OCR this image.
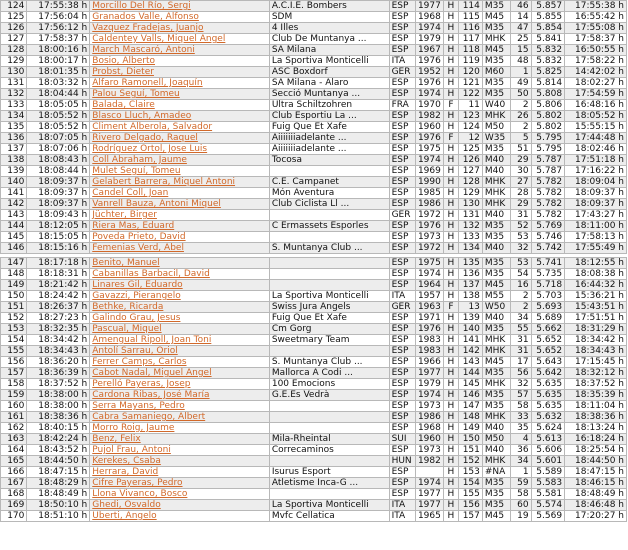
124	17:55:38 h	Morcillo Del Río, Sergi	A.C.I.E. Bombers	ESP	1977	H	114	M35	46	5.857	17:55:38 h
125	17:56:04 h	Granados Valle, Alfonso	SDM	ESP	1968	H	115	M45	14	5.855	16:55:42 h
126	17:56:12 h	Vazquez Fradejas, Juanjo	4 Illes	ESP	1974	H	116	M35	47	5.854	17:55:08 h
127	17:58:37 h	Caldentey Valls, Miquel Angel	Club De Muntanya ...	ESP	1979	H	117	MHK	25	5.841	17:58:37 h
128	18:00:16 h	March Mascaró, Antoni	SA Milana	ESP	1967	H	118	M45	15	5.832	16:50:55 h
129	18:00:17 h	Bosio, Alberto	La Sportiva Monticelli	ITA	1976	H	119	M35	48	5.832	17:58:22 h
130	18:01:35 h	Probst, Dieter	ASC Boxdorf	GER	1952	H	120	M60	1	5.825	14:42:02 h
131	18:03:32 h	Alfaro Ramonell, Joaquín	SA Milana - Alaro	ESP	1976	H	121	M35	49	5.814	18:02:27 h
132	18:04:44 h	Palou Seguí, Tomeu	Secció Muntanya ...	ESP	1974	H	122	M35	50	5.808	17:54:59 h
133	18:05:05 h	Balada, Claire	Ultra Schiltzohren	FRA	1970	F	11	W40	2	5.806	16:48:16 h
134	18:05:52 h	Blasco Lluch, Amadeo	Club Esportiu La ...	ESP	1982	H	123	MHK	26	5.802	18:05:52 h
135	18:05:52 h	Climent Alberola, Salvador	Fuig Que Et Xafe	ESP	1960	H	124	M50	2	5.802	15:55:15 h
136	18:07:05 h	Rivero Delgado, Raquel	Aiiiiiiiadelante ...	ESP	1976	F	12	W35	5	5.795	17:44:48 h
137	18:07:06 h	Rodríguez Ortol, Jose Luis	Aiiiiiiiadelante ...	ESP	1975	H	125	M35	51	5.795	18:02:46 h
138	18:08:43 h	Coll Abraham, Jaume	Tocosa	ESP	1974	H	126	M40	29	5.787	17:51:18 h
139	18:08:44 h	Mulet Seguí, Tomeu		ESP	1969	H	127	M40	30	5.787	17:16:22 h
140	18:09:37 h	Gelabert Barrera, Miquel Antoni	C.E. Campanet	ESP	1990	H	128	MHK	27	5.782	18:09:04 h
141	18:09:37 h	Candel Coll, Joan	Món Aventura	ESP	1985	H	129	MHK	28	5.782	18:09:37 h
142	18:09:37 h	Vanrell Bauza, Antoni Miquel	Club Ciclista Ll ...	ESP	1986	H	130	MHK	29	5.782	18:09:37 h
143	18:09:43 h	Jüchter, Birger		GER	1972	H	131	M40	31	5.782	17:43:27 h
144	18:12:05 h	Riera Mas, Eduard	C Ermassets Esporles	ESP	1976	H	132	M35	52	5.769	18:11:00 h
145	18:15:05 h	Poveda Prieto, David		ESP	1973	H	133	M35	53	5.746	17:58:13 h
146	18:15:16 h	Femenias Verd, Abel	S. Muntanya Club ...	ESP	1972	H	134	M40	32	5.742	17:55:49 h
147	18:17:18 h	Benito, Manuel		ESP	1975	H	135	M35	53	5.741	18:12:55 h
148	18:18:31 h	Cabanillas Barbacil, David		ESP	1974	H	136	M35	54	5.735	18:08:38 h
149	18:21:42 h	Linares Gil, Eduardo		ESP	1964	H	137	M45	16	5.718	16:44:32 h
150	18:24:42 h	Gavazzi, Pierangelo	La Sportiva Monticelli	ITA	1957	H	138	M55	2	5.703	15:36:21 h
151	18:26:37 h	Bethke, Ricarda	Swiss Jura Angels	GER	1963	F	13	W50	2	5.693	15:43:51 h
152	18:27:23 h	Galindo Grau, Jesus	Fuig Que Et Xafe	ESP	1971	H	139	M40	34	5.689	17:51:51 h
153	18:32:35 h	Pascual, Miquel	Cm Gorg	ESP	1976	H	140	M35	55	5.662	18:31:29 h
154	18:34:42 h	Amengual Ripoll, Joan Toni	Sweetmary Team	ESP	1983	H	141	MHK	31	5.652	18:34:42 h
155	18:34:43 h	Antolí Sarrau, Oriol		ESP	1983	H	142	MHK	31	5.652	18:34:43 h
156	18:36:20 h	Ferrer Camps, Carlos	S. Muntanya Club ...	ESP	1966	H	143	M45	17	5.643	17:15:45 h
157	18:36:39 h	Cabot Nadal, Miguel Angel	Mallorca A Codi ...	ESP	1977	H	144	M35	56	5.642	18:32:12 h
158	18:37:52 h	Perelló Payeras, Josep	100 Emocions	ESP	1979	H	145	MHK	32	5.635	18:37:52 h
159	18:38:00 h	Cardona Ribas, José María	G.E.Es Vedrà	ESP	1974	H	146	M35	57	5.635	18:35:39 h
160	18:38:00 h	Serra Mayans, Pedro		ESP	1973	H	147	M35	58	5.635	18:11:04 h
161	18:38:36 h	Cabra Samaniego, Albert		ESP	1986	H	148	MHK	33	5.632	18:38:36 h
162	18:40:15 h	Morro Roig, Jaume		ESP	1968	H	149	M40	35	5.624	18:13:24 h
163	18:42:24 h	Benz, Felix	Mila-Rheintal	SUI	1960	H	150	M50	4	5.613	16:18:24 h
164	18:43:52 h	Pujol Frau, Antoni	Correcaminos	ESP	1973	H	151	M40	36	5.606	18:25:54 h
165	18:44:50 h	Kerekes, Csaba		HUN	1982	H	152	MHK	34	5.601	18:44:50 h
166	18:47:15 h	Herrara, David	Isurus Esport	ESP		H	153	#NA	1	5.589	18:47:15 h
167	18:48:29 h	Cifre Payeras, Pedro	Atletisme Inca-G ...	ESP	1974	H	154	M35	59	5.583	18:46:15 h
168	18:48:49 h	Llona Vivanco, Bosco		ESP	1977	H	155	M35	58	5.581	18:48:49 h
169	18:50:10 h	Ghedi, Osvaldo	La Sportiva Monticelli	ITA	1977	H	156	M35	60	5.574	18:46:48 h
170	18:51:10 h	Uberti, Angelo	Mvfc Cellatica	ITA	1965	H	157	M45	19	5.569	17:20:27 h
